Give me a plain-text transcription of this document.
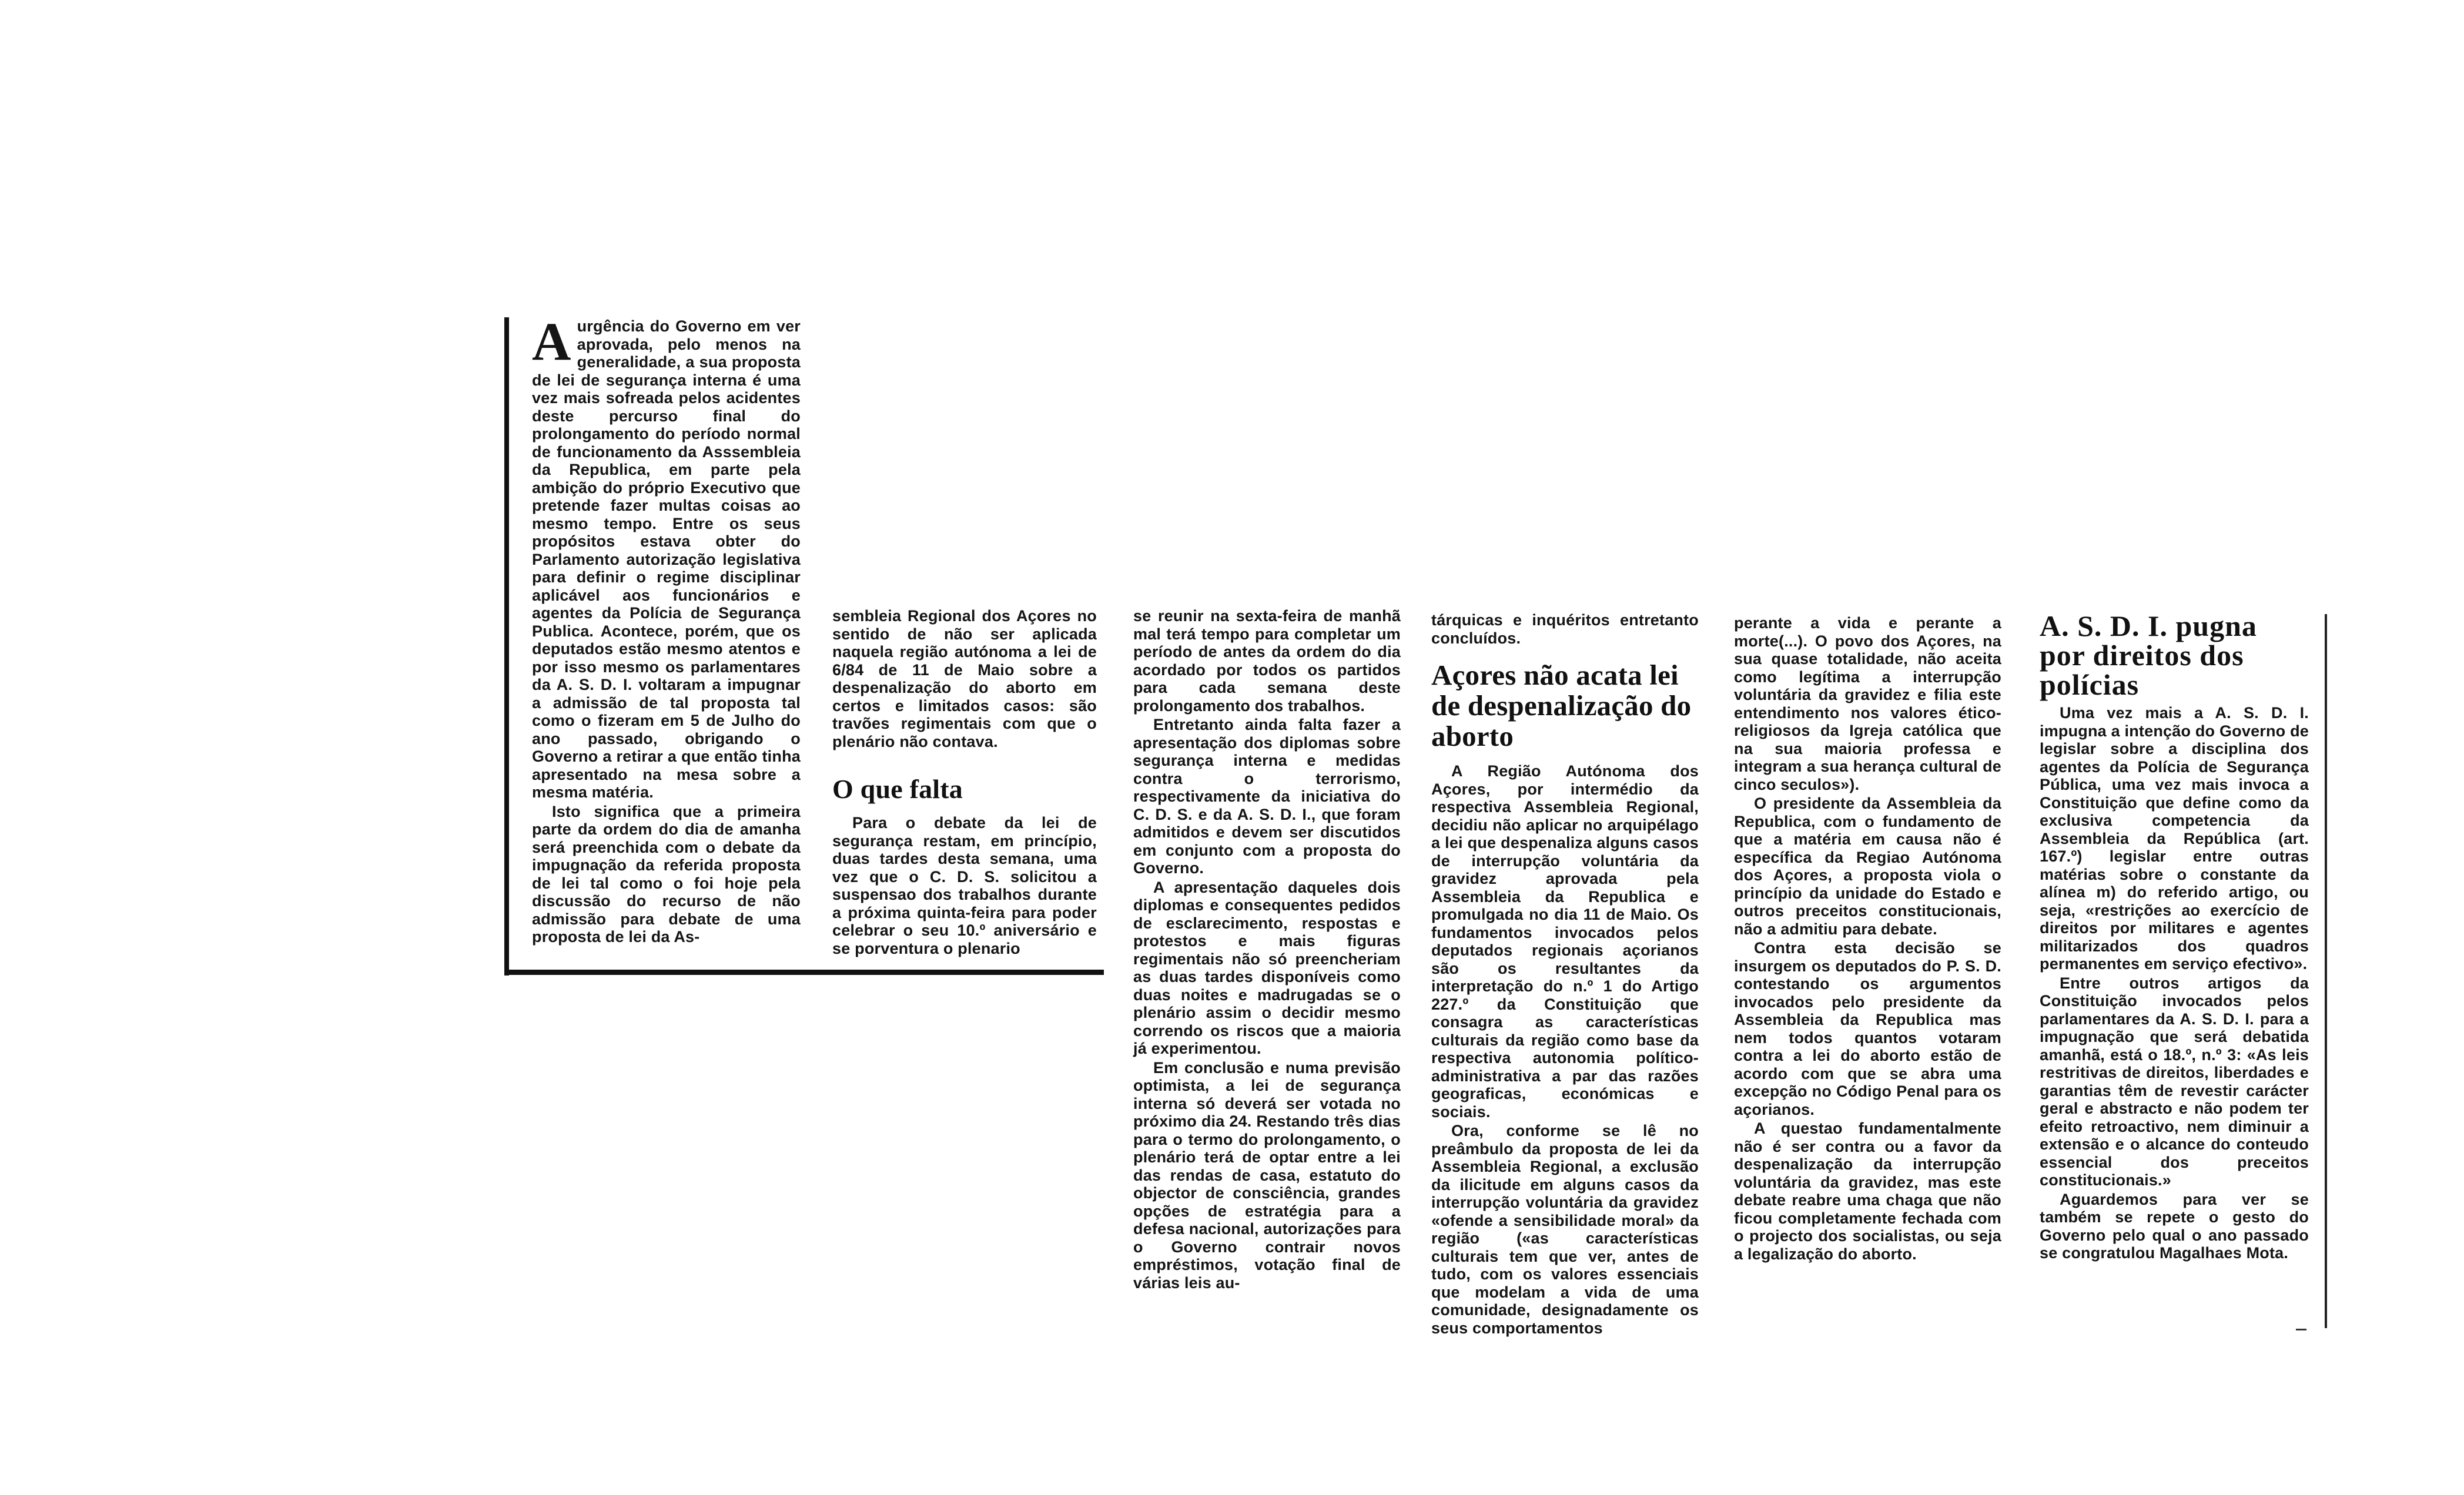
Aurgência do Governo em ver aprovada, pelo menos na generalidade, a sua proposta de lei de segurança interna é uma vez mais sofreada pelos acidentes deste percurso final do prolongamento do período normal de funcionamento da Asssembleia da Republica, em parte pela ambição do próprio Executivo que pretende fazer multas coisas ao mesmo tempo. Entre os seus propósitos estava obter do Parlamento autorização legislativa para definir o regime disciplinar aplicável aos funcionários e agentes da Polícia de Segurança Publica. Acontece, porém, que os deputados estão mesmo atentos e por isso mesmo os parlamentares da A. S. D. I. voltaram a impugnar a admissão de tal proposta tal como o fizeram em 5 de Julho do ano passado, obrigando o Governo a retirar a que então tinha apresentado na mesa sobre a mesma matéria.

Isto significa que a primeira parte da ordem do dia de amanha será preenchida com o debate da impugnação da referida proposta de lei tal como o foi hoje pela discussão do recurso de não admissão para debate de uma proposta de lei da As-

sembleia Regional dos Açores no sentido de não ser aplicada naquela região autónoma a lei de 6/84 de 11 de Maio sobre a despenalização do aborto em certos e limitados casos: são travões regimentais com que o plenário não contava.

O que falta

Para o debate da lei de segurança restam, em princípio, duas tardes desta semana, uma vez que o C. D. S. solicitou a suspensao dos trabalhos durante a próxima quinta-feira para poder celebrar o seu 10.º aniversário e se porventura o plenario

se reunir na sexta-feira de manhã mal terá tempo para completar um período de antes da ordem do dia acordado por todos os partidos para cada semana deste prolongamento dos trabalhos.

Entretanto ainda falta fazer a apresentação dos diplomas sobre segurança interna e medidas contra o terrorismo, respectivamente da iniciativa do C. D. S. e da A. S. D. I., que foram admitidos e devem ser discutidos em conjunto com a proposta do Governo.

A apresentação daqueles dois diplomas e consequentes pedidos de esclarecimento, respostas e protestos e mais figuras regimentais não só preencheriam as duas tardes disponíveis como duas noites e madrugadas se o plenário assim o decidir mesmo correndo os riscos que a maioria já experimentou.

Em conclusão e numa previsão optimista, a lei de segurança interna só deverá ser votada no próximo dia 24. Restando três dias para o termo do prolongamento, o plenário terá de optar entre a lei das rendas de casa, estatuto do objector de consciência, grandes opções de estratégia para a defesa nacional, autorizações para o Governo contrair novos empréstimos, votação final de várias leis au-

tárquicas e inquéritos entretanto concluídos.

Açores não acata lei de despenalização do aborto

A Região Autónoma dos Açores, por intermédio da respectiva Assembleia Regional, decidiu não aplicar no arquipélago a lei que despenaliza alguns casos de interrupção voluntária da gravidez aprovada pela Assembleia da Republica e promulgada no dia 11 de Maio. Os fundamentos invocados pelos deputados regionais açorianos são os resultantes da interpretação do n.º 1 do Artigo 227.º da Constituição que consagra as características culturais da região como base da respectiva autonomia político-administrativa a par das razões geograficas, económicas e sociais.

Ora, conforme se lê no preâmbulo da proposta de lei da Assembleia Regional, a exclusão da ilicitude em alguns casos da interrupção voluntária da gravidez «ofende a sensibilidade moral» da região («as características culturais tem que ver, antes de tudo, com os valores essenciais que modelam a vida de uma comunidade, designadamente os seus comportamentos

perante a vida e perante a morte(...). O povo dos Açores, na sua quase totalidade, não aceita como legítima a interrupção voluntária da gravidez e filia este entendimento nos valores ético-religiosos da Igreja católica que na sua maioria professa e integram a sua herança cultural de cinco seculos»).

O presidente da Assembleia da Republica, com o fundamento de que a matéria em causa não é específica da Regiao Autónoma dos Açores, a proposta viola o princípio da unidade do Estado e outros preceitos constitucionais, não a admitiu para debate.

Contra esta decisão se insurgem os deputados do P. S. D. contestando os argumentos invocados pelo presidente da Assembleia da Republica mas nem todos quantos votaram contra a lei do aborto estão de acordo com que se abra uma excepção no Código Penal para os açorianos.

A questao fundamentalmente não é ser contra ou a favor da despenalização da interrupção voluntária da gravidez, mas este debate reabre uma chaga que não ficou completamente fechada com o projecto dos socialistas, ou seja a legalização do aborto.

A. S. D. I. pugna por direitos dos polícias

Uma vez mais a A. S. D. I. impugna a intenção do Governo de legislar sobre a disciplina dos agentes da Polícia de Segurança Pública, uma vez mais invoca a Constituição que define como da exclusiva competencia da Assembleia da República (art. 167.º) legislar entre outras matérias sobre o constante da alínea m) do referido artigo, ou seja, «restrições ao exercício de direitos por militares e agentes militarizados dos quadros permanentes em serviço efectivo».

Entre outros artigos da Constituição invocados pelos parlamentares da A. S. D. I. para a impugnação que será debatida amanhã, está o 18.º, n.º 3: «As leis restritivas de direitos, liberdades e garantias têm de revestir carácter geral e abstracto e não podem ter efeito retroactivo, nem diminuir a extensão e o alcance do conteudo essencial dos preceitos constitucionais.»

Aguardemos para ver se também se repete o gesto do Governo pelo qual o ano passado se congratulou Magalhaes Mota.
